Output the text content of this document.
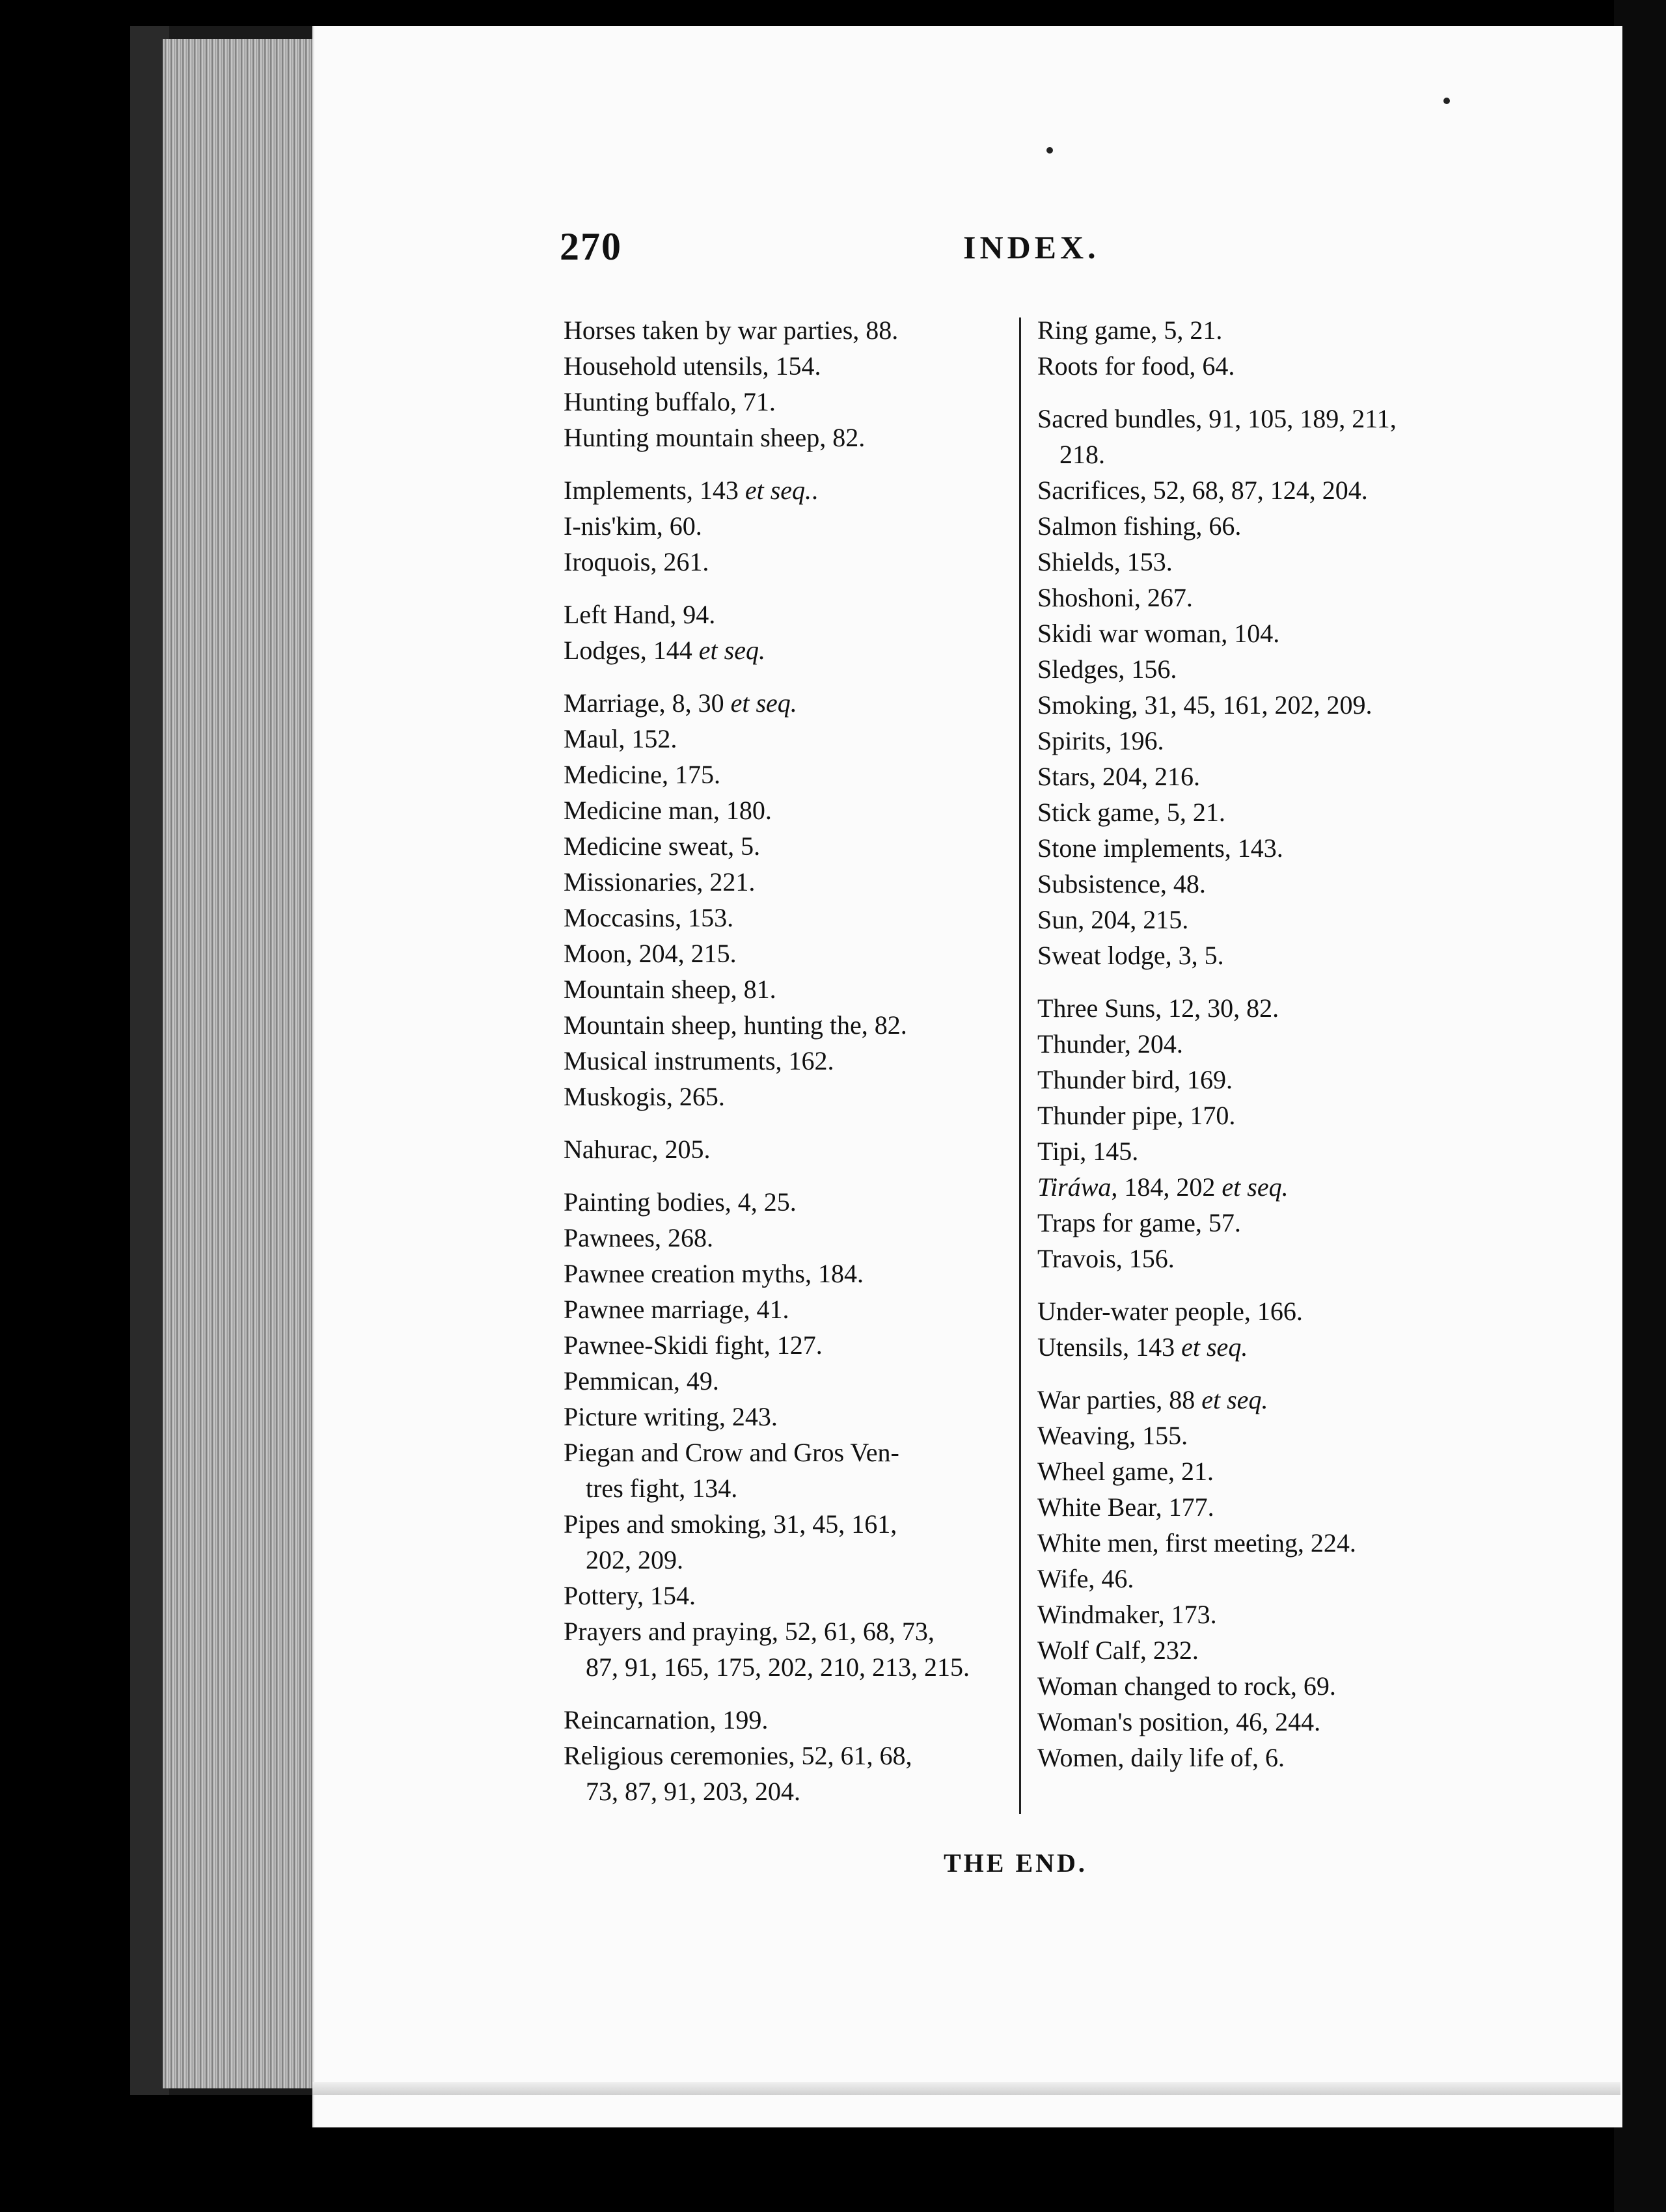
270	INDEX.
Horses taken by war parties, 88.
Household utensils, 154.
Hunting buffalo, 71.
Hunting mountain sheep, 82.
Implements, 143 et seq..
I-nis'kim, 60.
Iroquois, 261.
Left Hand, 94.
Lodges, 144 et seq.
Marriage, 8, 30 et seq.
Maul, 152.
Medicine, 175.
Medicine man, 180.
Medicine sweat, 5.
Missionaries, 221.
Moccasins, 153.
Moon, 204, 215.
Mountain sheep, 81.
Mountain sheep, hunting the, 82.
Musical instruments, 162.
Muskogis, 265.
Nahurac, 205.
Painting bodies, 4, 25.
Pawnees, 268.
Pawnee creation myths, 184.
Pawnee marriage, 41.
Pawnee-Skidi fight, 127.
Pemmican, 49.
Picture writing, 243.
Piegan and Crow and Gros Ven-
tres fight, 134.
Pipes and smoking, 31, 45, 161,
202, 209.
Pottery, 154.
Prayers and praying, 52, 61, 68, 73,
87, 91, 165, 175, 202, 210, 213, 215.
Reincarnation, 199.
Religious ceremonies, 52, 61, 68,
73, 87, 91, 203, 204.
Ring game, 5, 21.
Roots for food, 64.
Sacred bundles, 91, 105, 189, 211,
218.
Sacrifices, 52, 68, 87, 124, 204.
Salmon fishing, 66.
Shields, 153.
Shoshoni, 267.
Skidi war woman, 104.
Sledges, 156.
Smoking, 31, 45, 161, 202, 209.
Spirits, 196.
Stars, 204, 216.
Stick game, 5, 21.
Stone implements, 143.
Subsistence, 48.
Sun, 204, 215.
Sweat lodge, 3, 5.
Three Suns, 12, 30, 82.
Thunder, 204.
Thunder bird, 169.
Thunder pipe, 170.
Tipi, 145.
Tiráwa, 184, 202 et seq.
Traps for game, 57.
Travois, 156.
Under-water people, 166.
Utensils, 143 et seq.
War parties, 88 et seq.
Weaving, 155.
Wheel game, 21.
White Bear, 177.
White men, first meeting, 224.
Wife, 46.
Windmaker, 173.
Wolf Calf, 232.
Woman changed to rock, 69.
Woman's position, 46, 244.
Women, daily life of, 6.
THE END.
